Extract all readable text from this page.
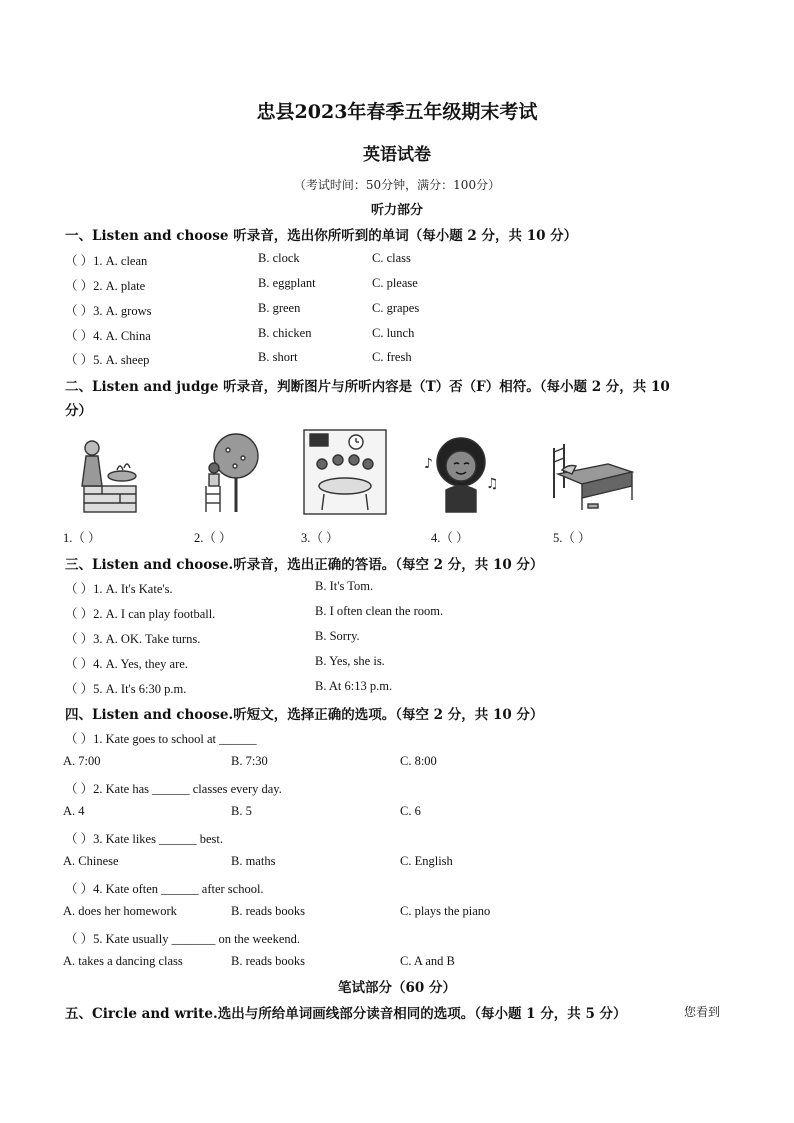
忠县2023年春季五年级期末考试
英语试卷
（考试时间：50分钟，满分：100分）
听力部分
一、Listen and choose 听录音，选出你所听到的单词（每小题 2 分，共 10 分）
（ ）1. A. clean	B. clock	C. class
（ ）2. A. plate	B. eggplant	C. please
（ ）3. A. grows	B. green	C. grapes
（ ）4. A. China	B. chicken	C. lunch
（ ）5. A. sheep	B. short	C. fresh
二、Listen and judge 听录音，判断图片与所听内容是（T）否（F）相符。（每小题 2 分，共 10
分）
♪
♫
1.（ ）	2.（ ）	3.（ ）	4.（ ）	5.（ ）
三、Listen and choose.听录音，选出正确的答语。（每空 2 分，共 10 分）
（ ）1. A. It's Kate's.	B. It's Tom.
（ ）2. A. I can play football.	B. I often clean the room.
（ ）3. A. OK. Take turns.	B. Sorry.
（ ）4. A. Yes, they are.	B. Yes, she is.
（ ）5. A. It's 6:30 p.m.	B. At 6:13 p.m.
四、Listen and choose.听短文，选择正确的选项。（每空 2 分，共 10 分）
（ ）1. Kate goes to school at ______
A. 7:00	B. 7:30	C. 8:00
（ ）2. Kate has ______ classes every day.
A. 4	B. 5	C. 6
（ ）3. Kate likes ______ best.
A. Chinese	B. maths	C. English
（ ）4. Kate often ______ after school.
A. does her homework	B. reads books	C. plays the piano
（ ）5. Kate usually _______ on the weekend.
A. takes a dancing class	B. reads books	C. A and B
笔试部分（60 分）
五、Circle and write.选出与所给单词画线部分读音相同的选项。（每小题 1 分，共 5 分）	您看到
